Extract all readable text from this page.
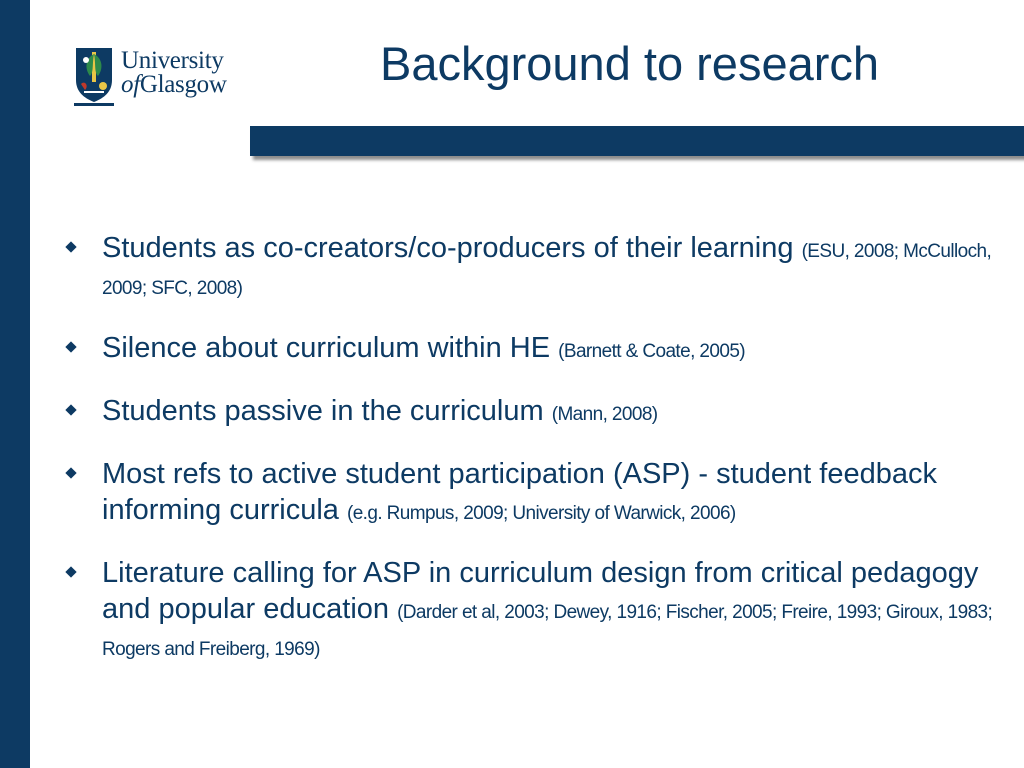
University
ofGlasgow	Background to research
Students as co-creators/co-producers of their learning (ESU, 2008; McCulloch, 2009; SFC, 2008)
Silence about curriculum within HE (Barnett & Coate, 2005)
Students passive in the curriculum (Mann, 2008)
Most refs to active student participation (ASP) - student feedback informing curricula (e.g. Rumpus, 2009; University of Warwick, 2006)
Literature calling for ASP in curriculum design from critical pedagogy and popular education (Darder et al, 2003; Dewey, 1916; Fischer, 2005; Freire, 1993; Giroux, 1983; Rogers and Freiberg, 1969)
